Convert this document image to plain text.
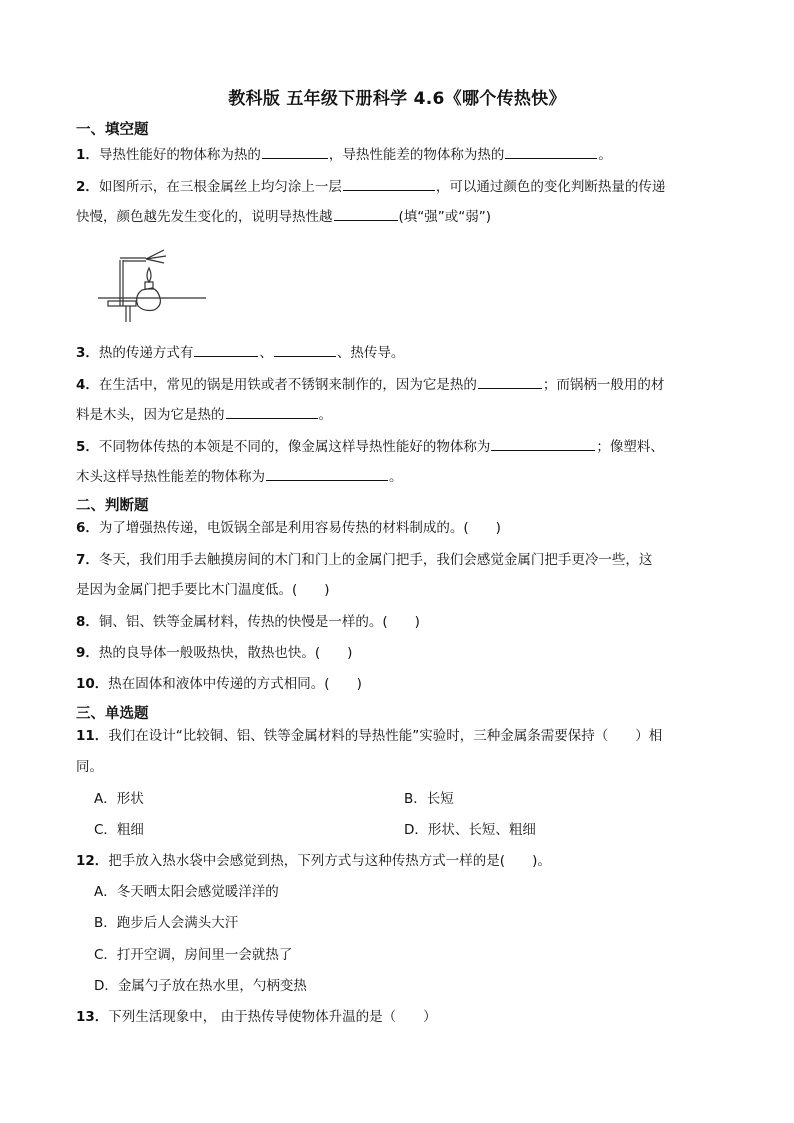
教科版 五年级下册科学 4.6《哪个传热快》
一、填空题
1．导热性能好的物体称为热的	，导热性能差的物体称为热的	。
2．如图所示，在三根金属丝上均匀涂上一层	，可以通过颜色的变化判断热量的传递
快慢，颜色越先发生变化的，说明导热性越	(填“强”或“弱”)
3．热的传递方式有	、	、热传导。
4．在生活中，常见的锅是用铁或者不锈钢来制作的，因为它是热的	；而锅柄一般用的材
料是木头，因为它是热的	。
5．不同物体传热的本领是不同的，像金属这样导热性能好的物体称为	；像塑料、
木头这样导热性能差的物体称为	。
二、判断题
6．为了增强热传递，电饭锅全部是利用容易传热的材料制成的。(　　)
7．冬天，我们用手去触摸房间的木门和门上的金属门把手，我们会感觉金属门把手更冷一些，这
是因为金属门把手要比木门温度低。(　　)
8．铜、铝、铁等金属材料，传热的快慢是一样的。(　　)
9．热的良导体一般吸热快，散热也快。(　　)
10．热在固体和液体中传递的方式相同。(　　)
三、单选题
11．我们在设计“比较铜、铝、铁等金属材料的导热性能”实验时，三种金属条需要保持（　　）相
同。
A．形状	B．长短
C．粗细	D．形状、长短、粗细
12．把手放入热水袋中会感觉到热，下列方式与这种传热方式一样的是(　　)。
A．冬天晒太阳会感觉暖洋洋的
B．跑步后人会满头大汗
C．打开空调，房间里一会就热了
D．金属勺子放在热水里，勺柄变热
13．下列生活现象中， 由于热传导使物体升温的是（　　）
